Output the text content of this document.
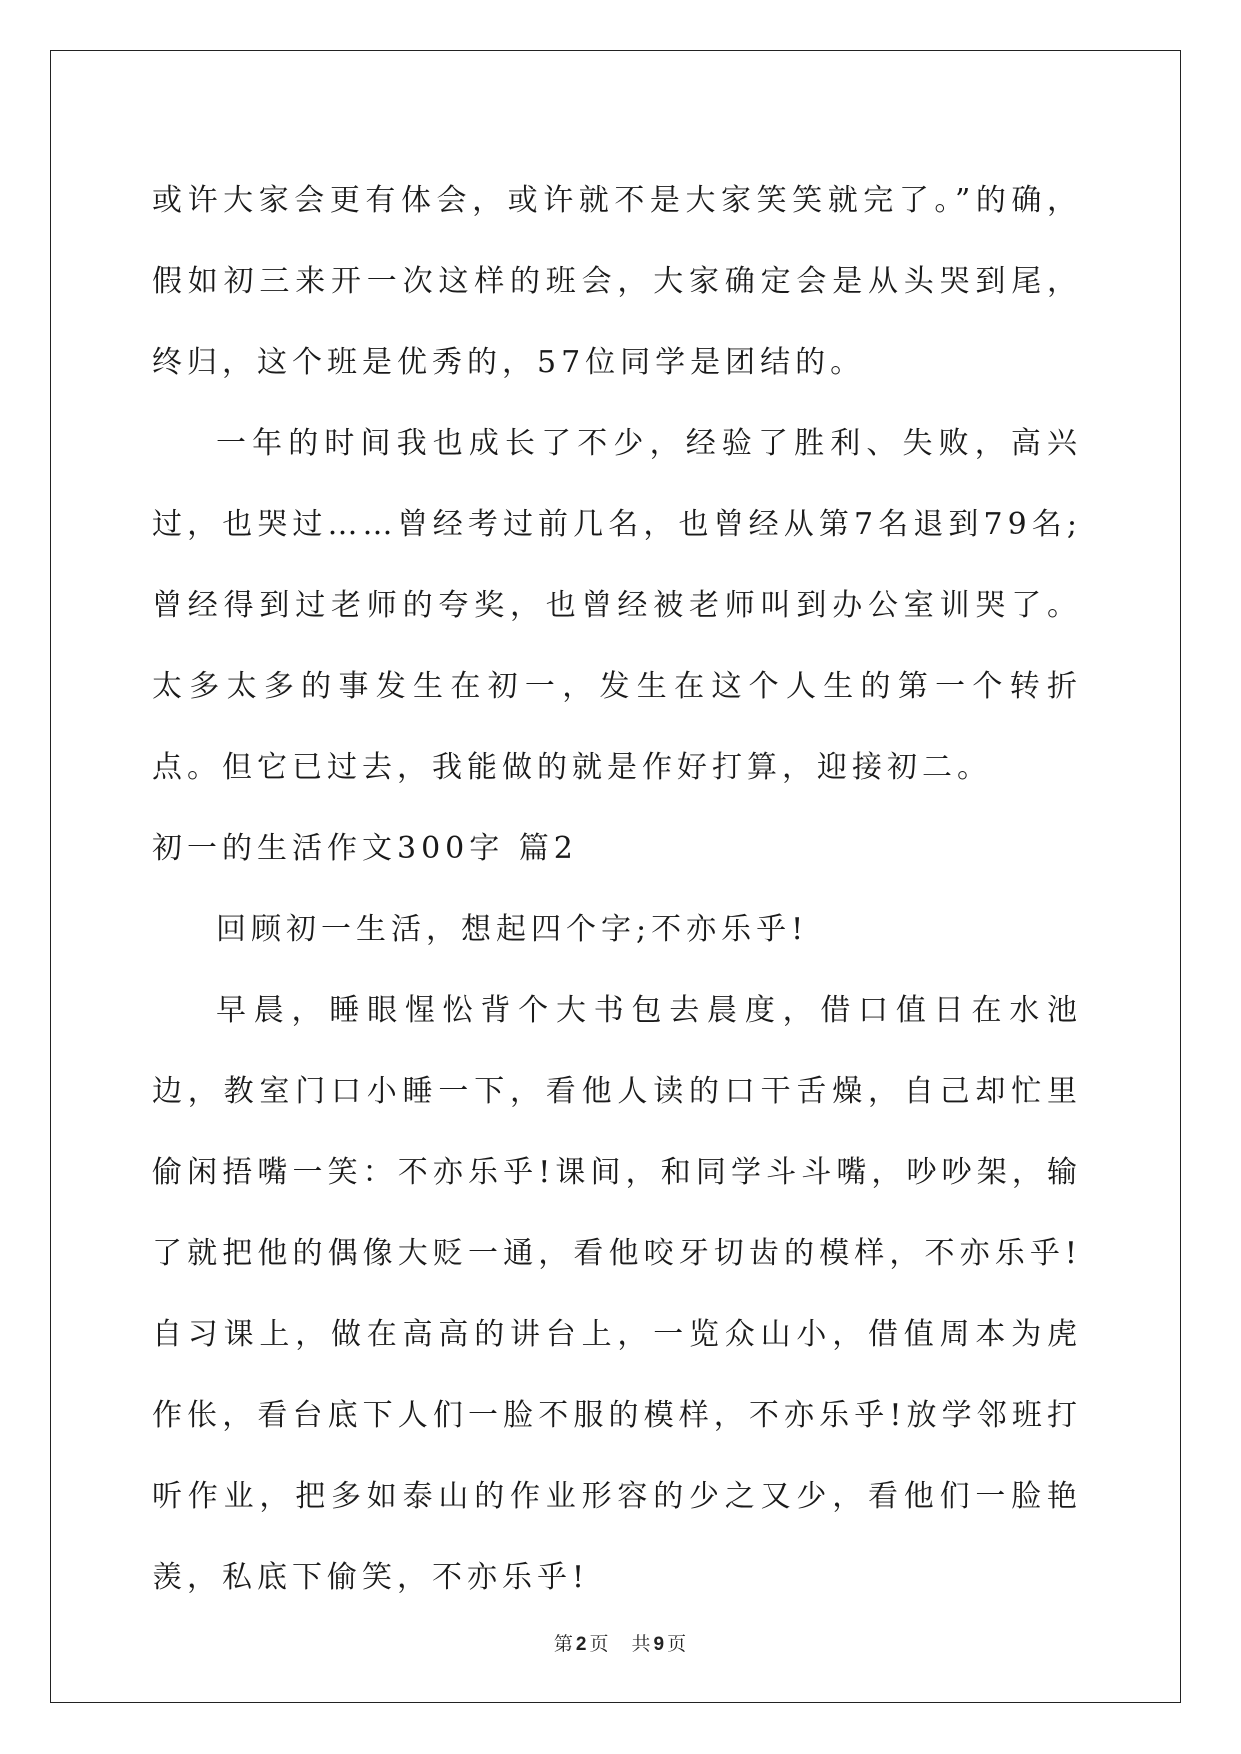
或许大家会更有体会，或许就不是大家笑笑就完了。”的确，假如初三来开一次这样的班会，大家确定会是从头哭到尾，终归，这个班是优秀的，57位同学是团结的。

一年的时间我也成长了不少，经验了胜利、失败，高兴过，也哭过……曾经考过前几名，也曾经从第7名退到79名;曾经得到过老师的夸奖，也曾经被老师叫到办公室训哭了。太多太多的事发生在初一，发生在这个人生的第一个转折点。但它已过去，我能做的就是作好打算，迎接初二。

初一的生活作文300字 篇2

回顾初一生活，想起四个字;不亦乐乎!

早晨，睡眼惺忪背个大书包去晨度，借口值日在水池边，教室门口小睡一下，看他人读的口干舌燥，自己却忙里偷闲捂嘴一笑：不亦乐乎!课间，和同学斗斗嘴，吵吵架，输了就把他的偶像大贬一通，看他咬牙切齿的模样，不亦乐乎!自习课上，做在高高的讲台上，一览众山小，借值周本为虎作伥，看台底下人们一脸不服的模样，不亦乐乎!放学邻班打听作业，把多如泰山的作业形容的少之又少，看他们一脸艳羡，私底下偷笑，不亦乐乎!

第 2 页 共 9 页
